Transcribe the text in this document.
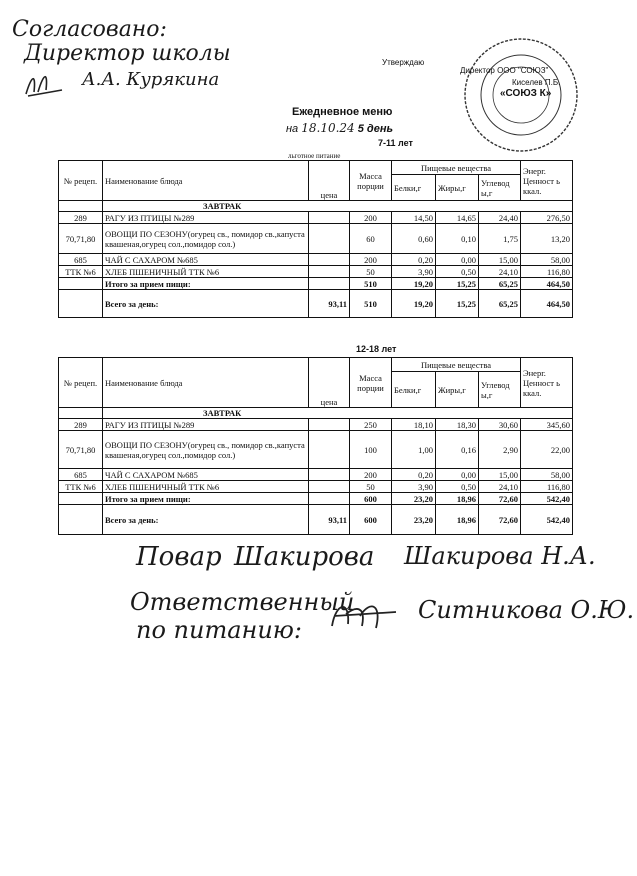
Согласовано:
Директор школы
А.А. Курякина
Утверждаю
Директор ООО "СОЮЗ"
Киселев П.Б.
«СОЮЗ К»
Ежедневное меню
на 18.10.24 5 день
7-11 лет
льготное питание
№ рецеп.	Наименование блюда	цена	Масса порции	Пищевые вещества			Энерг. Ценност ь ккал.
				Белки,г	Жиры,г	Углевод ы,г	
	ЗАВТРАК						
289	РАГУ ИЗ ПТИЦЫ №289		200	14,50	14,65	24,40	276,50
70,71,80	ОВОЩИ ПО СЕЗОНУ(огурец св., помидор св.,капуста квашеная,огурец сол.,помидор сол.)		60	0,60	0,10	1,75	13,20
685	ЧАЙ С САХАРОМ №685		200	0,20	0,00	15,00	58,00
ТТК №6	ХЛЕБ ПШЕНИЧНЫЙ ТТК №6		50	3,90	0,50	24,10	116,80
	Итого за прием пищи:		510	19,20	15,25	65,25	464,50
	Всего за день:	93,11	510	19,20	15,25	65,25	464,50
12-18 лет
№ рецеп.	Наименование блюда	цена	Масса порции	Пищевые вещества			Энерг. Ценност ь ккал.
				Белки,г	Жиры,г	Углевод ы,г	
	ЗАВТРАК						
289	РАГУ ИЗ ПТИЦЫ №289		250	18,10	18,30	30,60	345,60
70,71,80	ОВОЩИ ПО СЕЗОНУ(огурец св., помидор св.,капуста квашеная,огурец сол.,помидор сол.)		100	1,00	0,16	2,90	22,00
685	ЧАЙ С САХАРОМ №685		200	0,20	0,00	15,00	58,00
ТТК №6	ХЛЕБ ПШЕНИЧНЫЙ ТТК №6		50	3,90	0,50	24,10	116,80
	Итого за прием пищи:		600	23,20	18,96	72,60	542,40
	Всего за день:	93,11	600	23,20	18,96	72,60	542,40
Повар Шакирова Шакирова Н.А.
Ответственный
по питанию:
Ситникова О.Ю.
